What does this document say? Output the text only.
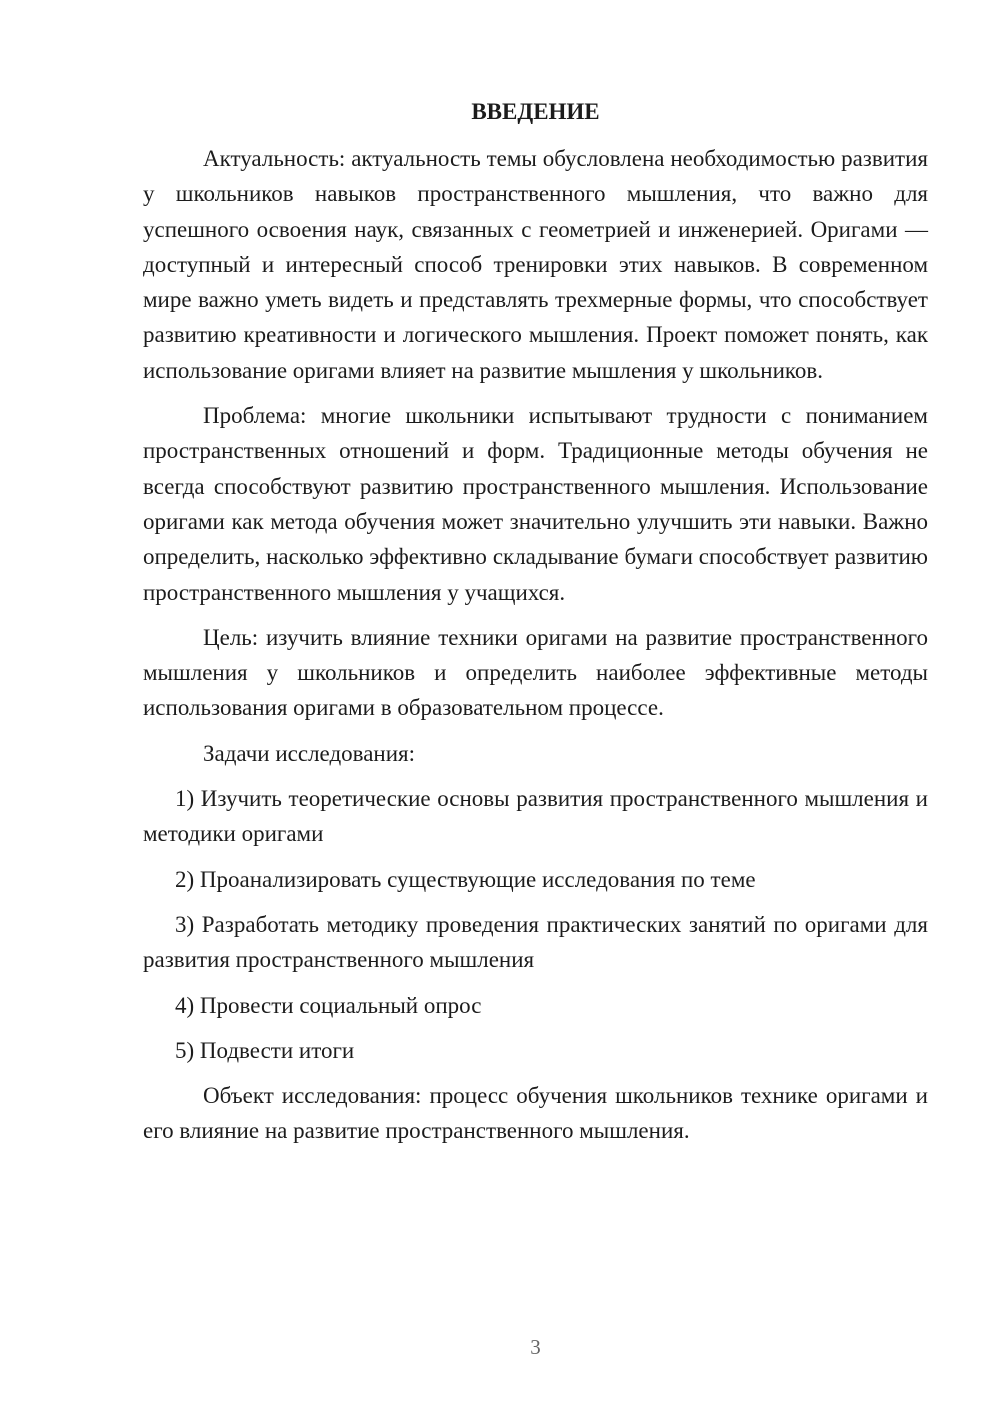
ВВЕДЕНИЕ

Актуальность: актуальность темы обусловлена необходимостью развития у школьников навыков пространственного мышления, что важно для успешного освоения наук, связанных с геометрией и инженерией. Оригами — доступный и интересный способ тренировки этих навыков. В современном мире важно уметь видеть и представлять трехмерные формы, что способствует развитию креативности и логического мышления. Проект поможет понять, как использование оригами влияет на развитие мышления у школьников.

Проблема: многие школьники испытывают трудности с пониманием пространственных отношений и форм. Традиционные методы обучения не всегда способствуют развитию пространственного мышления. Использование оригами как метода обучения может значительно улучшить эти навыки. Важно определить, насколько эффективно складывание бумаги способствует развитию пространственного мышления у учащихся.

Цель: изучить влияние техники оригами на развитие пространственного мышления у школьников и определить наиболее эффективные методы использования оригами в образовательном процессе.

Задачи исследования:

1) Изучить теоретические основы развития пространственного мышления и методики оригами

2) Проанализировать существующие исследования по теме

3) Разработать методику проведения практических занятий по оригами для развития пространственного мышления

4) Провести социальный опрос

5) Подвести итоги

Объект исследования: процесс обучения школьников технике оригами и его влияние на развитие пространственного мышления.

3
